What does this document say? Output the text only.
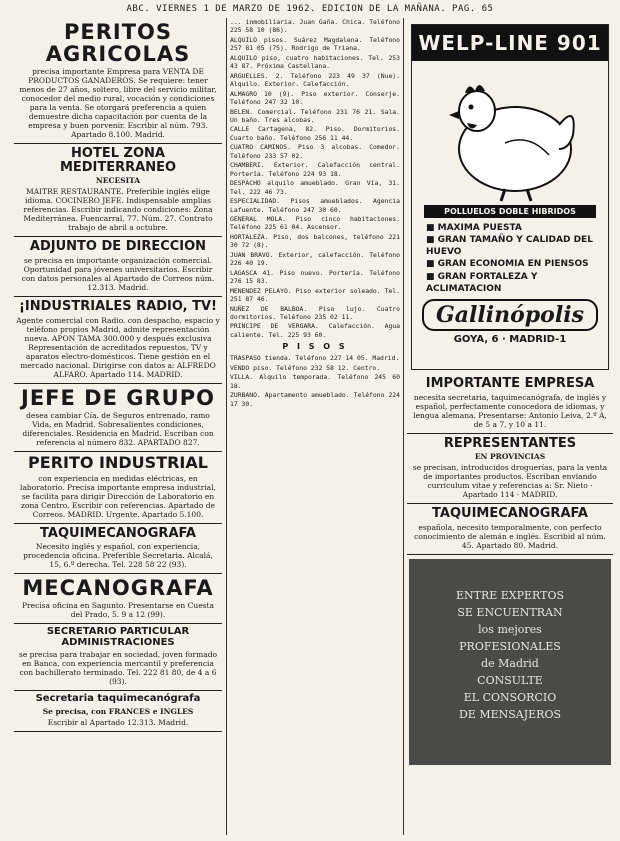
ABC. VIERNES 1 DE MARZO DE 1962. EDICION DE LA MAÑANA. PAG. 65
PERITOS AGRICOLAS
precisa importante Empresa para VENTA DE PRODUCTOS GANADEROS. Se requiere: tener menos de 27 años, soltero, libre del servicio militar, conocedor del medio rural, vocación y condiciones para la venta. Se otorgará preferencia a quien demuestre dicha capacitación por cuenta de la empresa y buen porvenir. Escribir al núm. 793. Apartado 8.100. Madrid.
HOTEL ZONA MEDITERRANEO
NECESITA
MAITRE RESTAURANTE. Preferible inglés elige idioma. COCINERO JEFE. Indispensable amplias referencias. Escribir indicando condiciones: Zona Mediterránea. Fuencarral, 77. Núm. 27. Contrato trabajo de abril a octubre.
ADJUNTO DE DIRECCION
se precisa en importante organización comercial. Oportunidad para jóvenes universitarios. Escribir con datos personales al Apartado de Correos núm. 12.313. Madrid.
¡INDUSTRIALES RADIO, TV!
Agente comercial con Radio. con despacho, espacio y teléfono propios Madrid, admite representación nueva. APON TAMA 300.000 y después exclusiva Representación de acreditados repuestos, TV y aparatos electro-domésticos. Tiene gestión en el mercado nacional. Dirigirse con datos a: ALFREDO ALFARO. Apartado 114. MADRID.
JEFE DE GRUPO
desea cambiar Cía. de Seguros entrenado, ramo Vida, en Madrid. Sobresalientes condiciones, diferenciales. Residencia en Madrid. Escriban con referencia al número 832. APARTADO 827.
PERITO INDUSTRIAL
con experiencia en medidas eléctricas, en laboratorio. Precisa importante empresa industrial, se facilita para dirigir Dirección de Laboratorio en zona Centro. Escribir con referencias. Apartado de Correos. MADRID. Urgente. Apartado 5.100.
TAQUIMECANOGRAFA
Necesito inglés y español, con experiencia, procedencia oficina. Preferible Secretaria. Alcalá, 15, 6.º derecha. Tel. 228 58 22 (93).
MECANOGRAFA
Precisa oficina en Sagunto. Presentarse en Cuesta del Prado, 5. 9 a 12 (99).
SECRETARIO PARTICULAR ADMINISTRACIONES
se precisa para trabajar en sociedad, joven formado en Banca, con experiencia mercantil y preferencia con bachillerato terminado. Tel. 222 81 80, de 4 a 6 (93).
Secretaria taquimecanógrafa
Se precisa, con FRANCES e INGLES
Escribir al Apartado 12.313. Madrid.

... inmobiliaria. Juan Gaña. Chica. Teléfono 225 58 10 (86).

ALQUILO pisos. Suárez Magdalena. Teléfono 257 81 05 (75). Rodrigo de Triana.

ALQUILO piso, cuatro habitaciones. Tel. 253 43 87. Próxima Castellana.

ARGUELLES. 2. Teléfono 223 49 37 (Nue). Alquilo. Exterior. Calefacción.

ALMAGRO 10 (9). Piso exterior. Conserje. Teléfono 247 32 10.

BELEN. Comercial. Teléfono 231 76 21. Sala. Un baño. Tres alcobas.

CALLE Cartagena, 82. Piso. Dormitorios. Cuarto baño. Teléfono 256 11 44.

CUATRO CAMINOS. Piso 3 alcobas. Comedor. Teléfono 233 57 02.

CHAMBERI. Exterior. Calefacción central. Portería. Teléfono 224 93 18.

DESPACHO alquilo amueblado. Gran Vía, 31. Tel. 222 46 73.

ESPECIALIDAD. Pisos amueblados. Agencia Lafuente. Teléfono 247 30 60.

GENERAL MOLA. Piso cinco habitaciones. Teléfono 225 61 04. Ascensor.

HORTALEZA. Piso, dos balcones, teléfono 221 30 72 (8).

JUAN BRAVO. Exterior, calefacción. Teléfono 226 40 19.

LAGASCA 41. Piso nuevo. Portería. Teléfono 276 15 83.

MENENDEZ PELAYO. Piso exterior soleado. Tel. 251 87 46.

NUÑEZ DE BALBOA. Piso lujo. Cuatro dormitorios. Teléfono 235 02 11.

PRINCIPE DE VERGARA. Calefacción. Agua caliente. Tel. 225 93 60.

P I S O S

TRASPASO tienda. Teléfono 227 14 05. Madrid.

VENDO piso. Teléfono 232 58 12. Centro.

VILLA. Alquilo temporada. Teléfono 245 60 18.

ZURBANO. Apartamento amueblado. Teléfono 224 17 30.

WELP-LINE 901
POLLUELOS DOBLE HIBRIDOS
■ MAXIMA PUESTA
■ GRAN TAMAÑO Y CALIDAD DEL HUEVO
■ GRAN ECONOMIA EN PIENSOS
■ GRAN FORTALEZA Y ACLIMATACION
Gallinópolis
GOYA, 6 · MADRID-1
IMPORTANTE EMPRESA
necesita secretaria, taquimecanógrafa, de inglés y español, perfectamente conocedora de idiomas, y lengua alemana. Presentarse: Antonio Leiva, 2.º A, de 5 a 7, y 10 a 11.
REPRESENTANTES
EN PROVINCIAS
se precisan, introducidos droguerías, para la venta de importantes productos. Escriban enviando curriculum vitae y referencias a: Sr. Nieto · Apartado 114 · MADRID.
TAQUIMECANOGRAFA
española, necesito temporalmente, con perfecto conocimiento de alemán e inglés. Escribid al núm. 45. Apartado 80. Madrid.
ENTRE EXPERTOS
SE ENCUENTRAN
los mejores
PROFESIONALES
de Madrid
CONSULTE
EL CONSORCIO
DE MENSAJEROS
